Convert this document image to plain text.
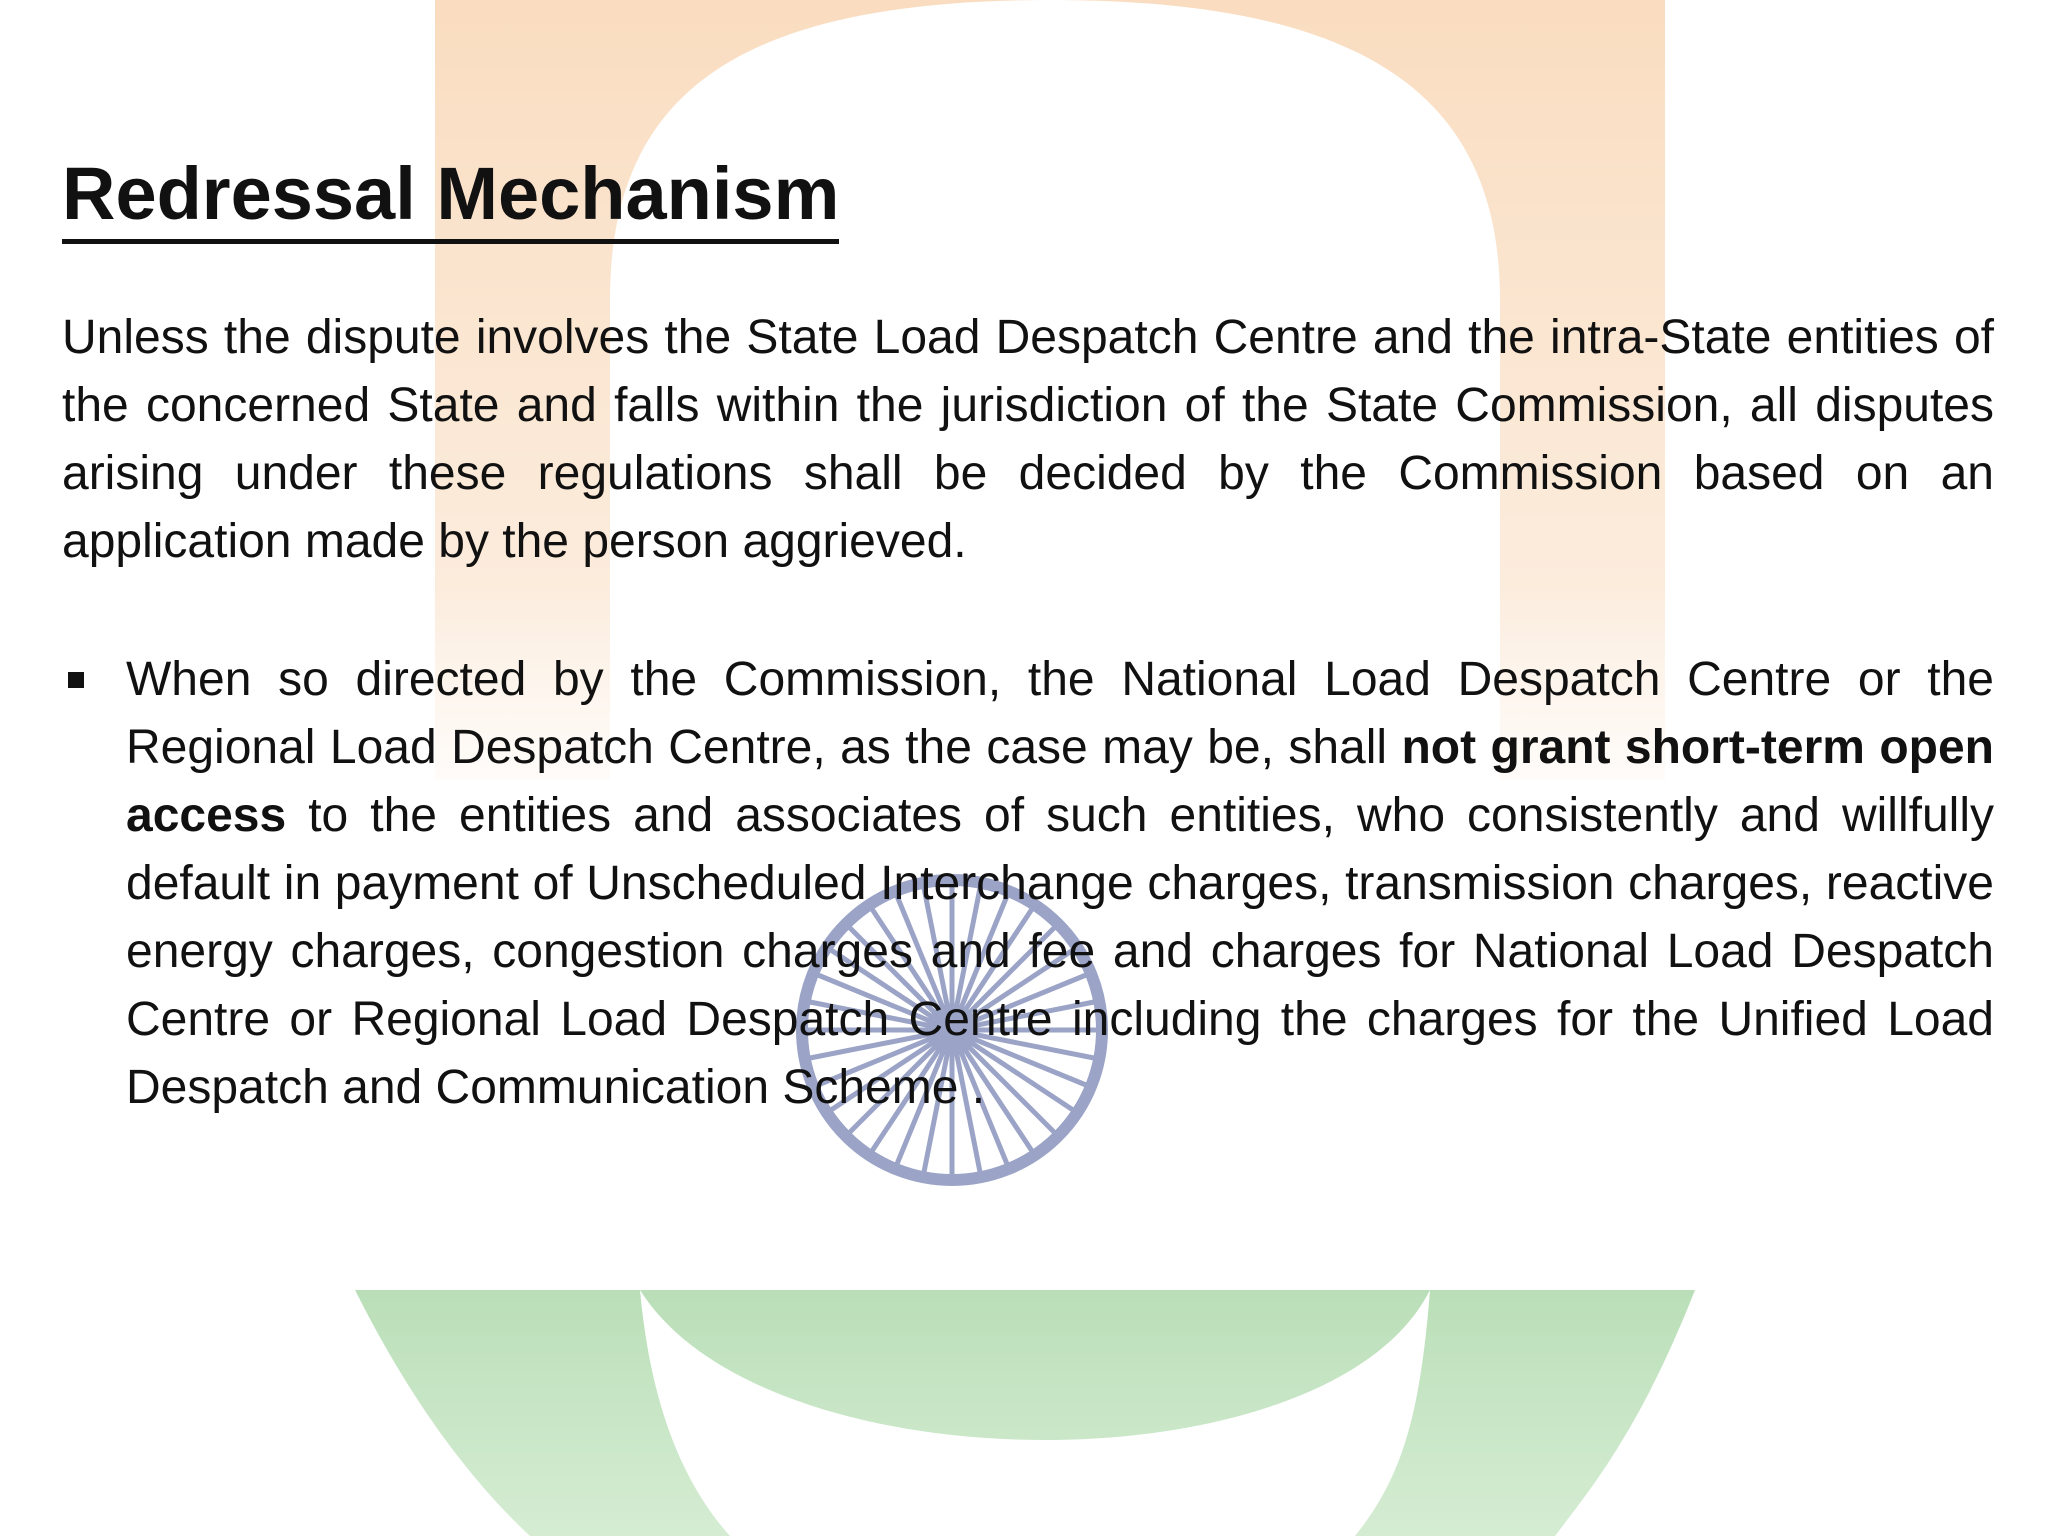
Redressal Mechanism

Unless the dispute involves the State Load Despatch Centre and the intra-State entities of the concerned State and falls within the jurisdiction of the State Commission, all disputes arising under these regulations shall be decided by the Commission based on an application made by the person aggrieved.

When so directed by the Commission, the National Load Despatch Centre or the Regional Load Despatch Centre, as the case may be, shall not grant short-term open access to the entities and associates of such entities, who consistently and willfully default in payment of Unscheduled Interchange charges, transmission charges, reactive energy charges, congestion charges and fee and charges for National Load Despatch Centre or Regional Load Despatch Centre including the charges for the Unified Load Despatch and Communication Scheme .
